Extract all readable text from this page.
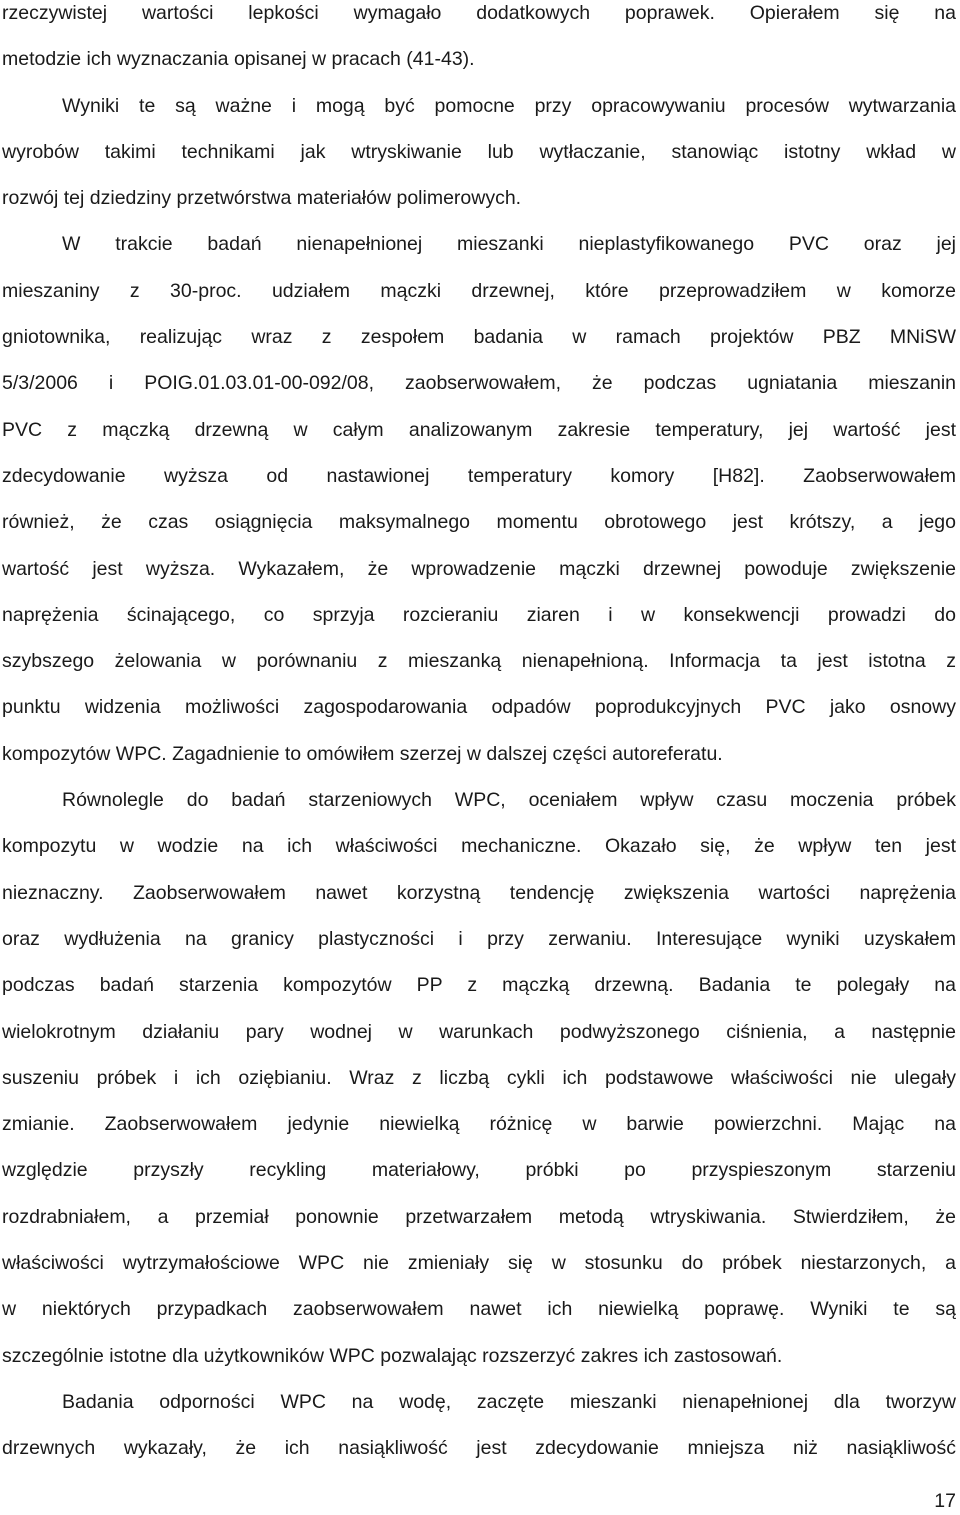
rzeczywistej wartości lepkości wymagało dodatkowych poprawek. Opierałem się na
metodzie ich wyznaczania opisanej w pracach (41-43).
Wyniki te są ważne i mogą być pomocne przy opracowywaniu procesów wytwarzania
wyrobów takimi technikami jak wtryskiwanie lub wytłaczanie, stanowiąc istotny wkład w
rozwój tej dziedziny przetwórstwa materiałów polimerowych.
W trakcie badań nienapełnionej mieszanki nieplastyfikowanego PVC oraz jej
mieszaniny z 30-proc. udziałem mączki drzewnej, które przeprowadziłem w komorze
gniotownika, realizując wraz z zespołem badania w ramach projektów PBZ MNiSW
5/3/2006 i POIG.01.03.01-00-092/08, zaobserwowałem, że podczas ugniatania mieszanin
PVC z mączką drzewną w całym analizowanym zakresie temperatury, jej wartość jest
zdecydowanie wyższa od nastawionej temperatury komory [H82]. Zaobserwowałem
również, że czas osiągnięcia maksymalnego momentu obrotowego jest krótszy, a jego
wartość jest wyższa. Wykazałem, że wprowadzenie mączki drzewnej powoduje zwiększenie
naprężenia ścinającego, co sprzyja rozcieraniu ziaren i w konsekwencji prowadzi do
szybszego żelowania w porównaniu z mieszanką nienapełnioną. Informacja ta jest istotna z
punktu widzenia możliwości zagospodarowania odpadów poprodukcyjnych PVC jako osnowy
kompozytów WPC. Zagadnienie to omówiłem szerzej w dalszej części autoreferatu.
Równolegle do badań starzeniowych WPC, oceniałem wpływ czasu moczenia próbek
kompozytu w wodzie na ich właściwości mechaniczne. Okazało się, że wpływ ten jest
nieznaczny. Zaobserwowałem nawet korzystną tendencję zwiększenia wartości naprężenia
oraz wydłużenia na granicy plastyczności i przy zerwaniu. Interesujące wyniki uzyskałem
podczas badań starzenia kompozytów PP z mączką drzewną. Badania te polegały na
wielokrotnym działaniu pary wodnej w warunkach podwyższonego ciśnienia, a następnie
suszeniu próbek i ich oziębianiu. Wraz z liczbą cykli ich podstawowe właściwości nie ulegały
zmianie. Zaobserwowałem jedynie niewielką różnicę w barwie powierzchni. Mając na
względzie przyszły recykling materiałowy, próbki po przyspieszonym starzeniu
rozdrabniałem, a przemiał ponownie przetwarzałem metodą wtryskiwania. Stwierdziłem, że
właściwości wytrzymałościowe WPC nie zmieniały się w stosunku do próbek niestarzonych, a
w niektórych przypadkach zaobserwowałem nawet ich niewielką poprawę. Wyniki te są
szczególnie istotne dla użytkowników WPC pozwalając rozszerzyć zakres ich zastosowań.
Badania odporności WPC na wodę, zaczęte mieszanki nienapełnionej dla tworzyw
drzewnych wykazały, że ich nasiąkliwość jest zdecydowanie mniejsza niż nasiąkliwość
17
